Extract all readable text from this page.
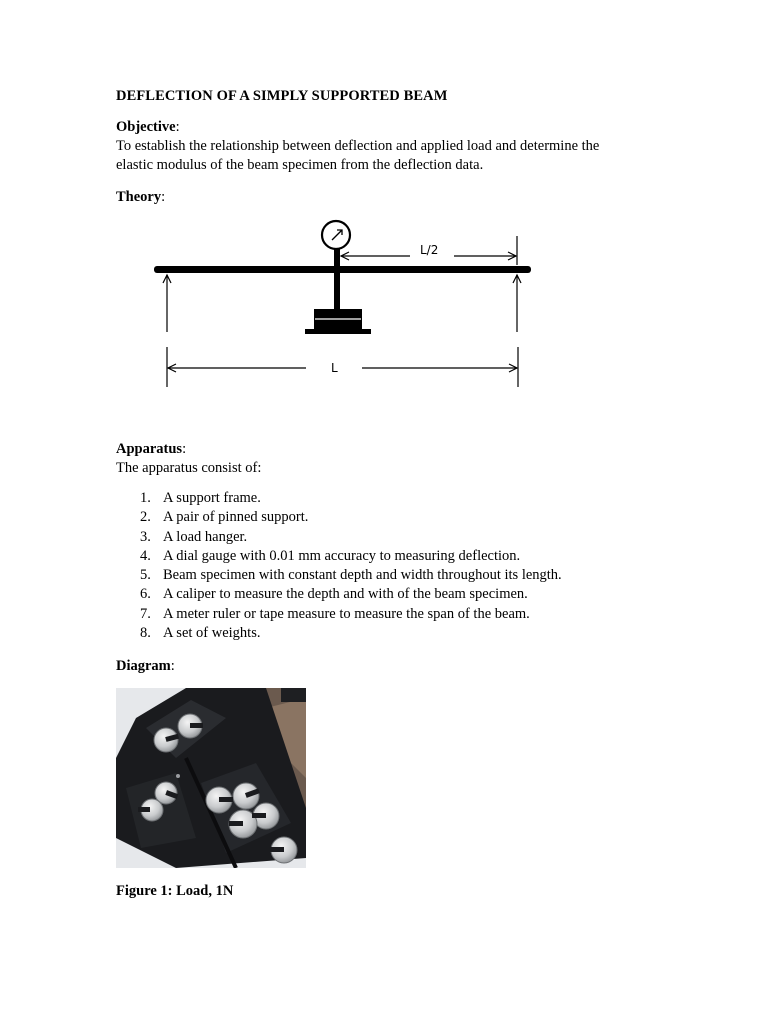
DEFLECTION OF A SIMPLY SUPPORTED BEAM
Objective:
To establish the relationship between deflection and applied load and determine the
elastic modulus of the beam specimen from the deflection data.
Theory:
L/2
L
Apparatus:
The apparatus consist of:
1. A support frame.
2. A pair of pinned support.
3. A load hanger.
4. A dial gauge with 0.01 mm accuracy to measuring deflection.
5. Beam specimen with constant depth and width throughout its length.
6. A caliper to measure the depth and with of the beam specimen.
7. A meter ruler or tape measure to measure the span of the beam.
8. A set of weights.
Diagram:
Figure 1: Load, 1N
